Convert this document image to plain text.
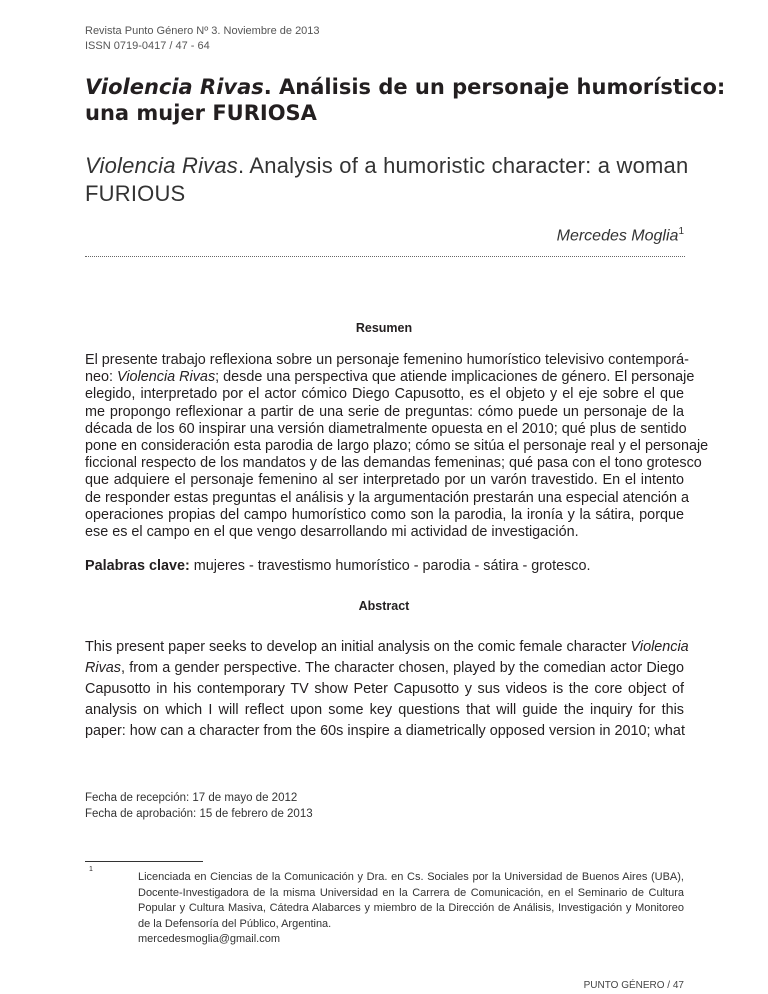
Revista Punto Género Nº 3. Noviembre de 2013
ISSN 0719-0417 / 47 - 64
Violencia Rivas. Análisis de un personaje humorístico:
una mujer FURIOSA
Violencia Rivas. Analysis of a humoristic character: a woman
FURIOUS
Mercedes Moglia$^1$
Resumen
El presente trabajo reflexiona sobre un personaje femenino humorístico televisivo contemporá-
neo: Violencia Rivas; desde una perspectiva que atiende implicaciones de género. El personaje
elegido, interpretado por el actor cómico Diego Capusotto, es el objeto y el eje sobre el que
me propongo reflexionar a partir de una serie de preguntas: cómo puede un personaje de la
década de los 60 inspirar una versión diametralmente opuesta en el 2010; qué plus de sentido
pone en consideración esta parodia de largo plazo; cómo se sitúa el personaje real y el personaje
ficcional respecto de los mandatos y de las demandas femeninas; qué pasa con el tono grotesco
que adquiere el personaje femenino al ser interpretado por un varón travestido. En el intento
de responder estas preguntas el análisis y la argumentación prestarán una especial atención a
operaciones propias del campo humorístico como son la parodia, la ironía y la sátira, porque
ese es el campo en el que vengo desarrollando mi actividad de investigación.
Palabras clave: mujeres - travestismo humorístico - parodia - sátira - grotesco.
Abstract
This present paper seeks to develop an initial analysis on the comic female character Violencia
Rivas, from a gender perspective. The character chosen, played by the comedian actor Diego
Capusotto in his contemporary TV show Peter Capusotto y sus videos is the core object of
analysis on which I will reflect upon some key questions that will guide the inquiry for this
paper: how can a character from the 60s inspire a diametrically opposed version in 2010; what
Fecha de recepción: 17 de mayo de 2012
Fecha de aprobación: 15 de febrero de 2013
1
Licenciada en Ciencias de la Comunicación y Dra. en Cs. Sociales por la Universidad de Buenos Aires (UBA),
Docente-Investigadora de la misma Universidad en la Carrera de Comunicación, en el Seminario de Cultura
Popular y Cultura Masiva, Cátedra Alabarces y miembro de la Dirección de Análisis, Investigación y Monitoreo
de la Defensoría del Público, Argentina.
mercedesmoglia@gmail.com
PUNTO GÉNERO / 47
